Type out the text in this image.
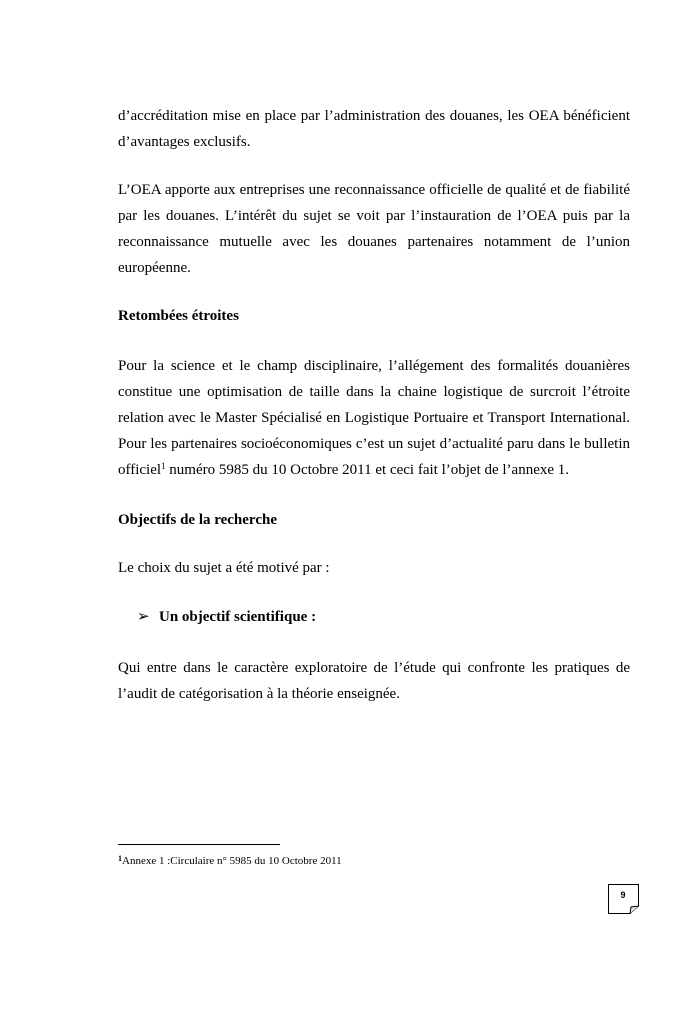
d’accréditation mise en place par l’administration des douanes, les OEA bénéficient
d’avantages exclusifs.
L’OEA apporte aux entreprises une reconnaissance officielle de qualité et de fiabilité
par les douanes. L’intérêt du sujet se voit par l’instauration de l’OEA puis par la
reconnaissance mutuelle avec les douanes partenaires notamment de l’union
européenne.
Retombées étroites
Pour la science et le champ disciplinaire, l’allégement des formalités douanières
constitue une optimisation de taille dans la chaine logistique de surcroit l’étroite
relation avec le Master Spécialisé en Logistique Portuaire et Transport International.
Pour les partenaires socioéconomiques c’est un sujet d’actualité paru dans le bulletin
officiel$^1$ numéro 5985 du 10 Octobre 2011 et ceci fait l’objet de l’annexe 1.
Objectifs de la recherche
Le choix du sujet a été motivé par :
➢ Un objectif scientifique :
Qui entre dans le caractère exploratoire de l’étude qui confronte les pratiques de
l’audit de catégorisation à la théorie enseignée.
$^1$Annexe 1 :Circulaire n° 5985 du 10 Octobre 2011
9
